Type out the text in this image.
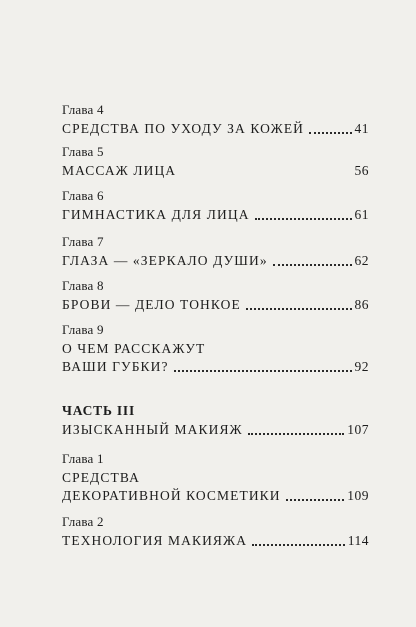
Глава 4
СРЕДСТВА ПО УХОДУ ЗА КОЖЕЙ	41
Глава 5
МАССАЖ ЛИЦА	56
Глава 6
ГИМНАСТИКА ДЛЯ ЛИЦА	61
Глава 7
ГЛАЗА — «ЗЕРКАЛО ДУШИ»	62
Глава 8
БРОВИ — ДЕЛО ТОНКОЕ	86
Глава 9
О ЧЕМ РАССКАЖУТ
ВАШИ ГУБКИ?	92
ЧАСТЬ III
ИЗЫСКАННЫЙ МАКИЯЖ	107
Глава 1
СРЕДСТВА
ДЕКОРАТИВНОЙ КОСМЕТИКИ	109
Глава 2
ТЕХНОЛОГИЯ МАКИЯЖА	114
